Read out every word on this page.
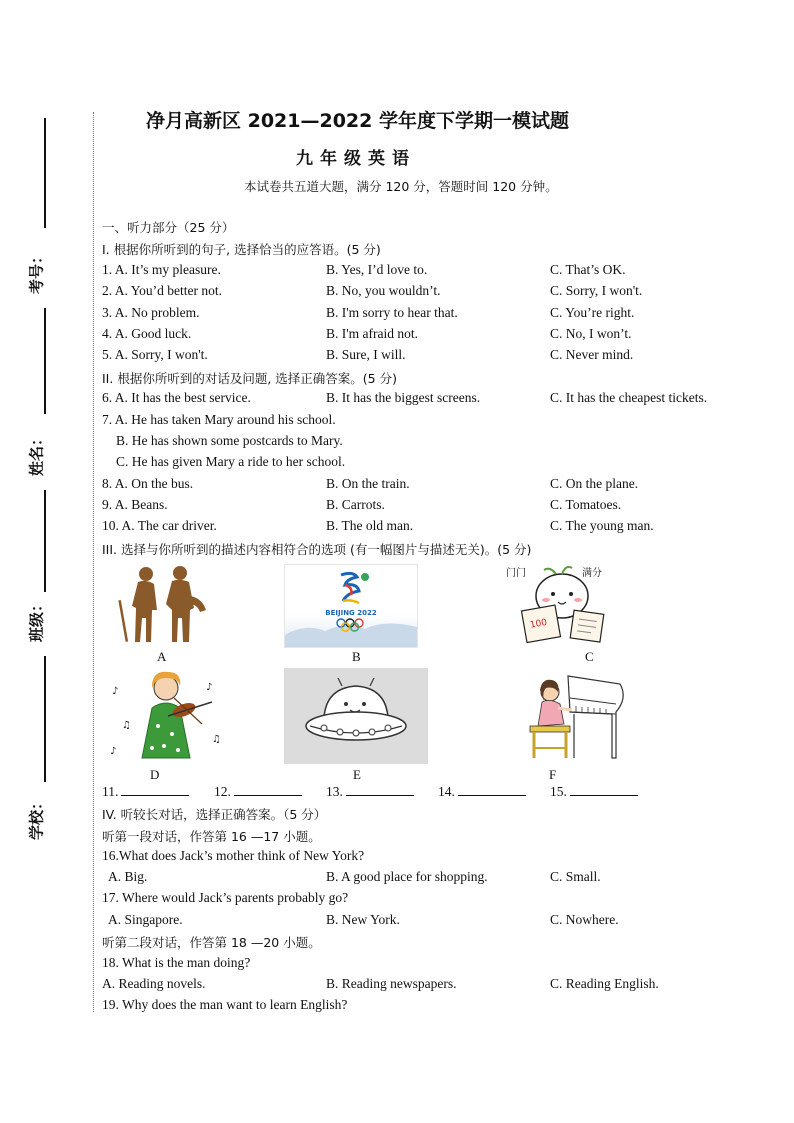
考号：
姓名：
班级：
学校：
净月高新区 2021—2022 学年度下学期一模试题
九年级英语
本试卷共五道大题，满分 120 分，答题时间 120 分钟。
一、听力部分（25 分）
I. 根据你所听到的句子, 选择恰当的应答语。(5 分)
1. A. It’s my pleasure.	B. Yes, I’d love to.	C. That’s OK.
2. A. You’d better not.	B. No, you wouldn’t.	C. Sorry, I won't.
3. A. No problem.	B. I'm sorry to hear that.	C. You’re right.
4. A. Good luck.	B. I'm afraid not.	C. No, I won’t.
5. A. Sorry, I won't.	B. Sure, I will.	C. Never mind.
II. 根据你所听到的对话及问题, 选择正确答案。(5 分)
6. A. It has the best service.	B. It has the biggest screens.	C. It has the cheapest tickets.
7. A. He has taken Mary around his school.
B. He has shown some postcards to Mary.
C. He has given Mary a ride to her school.
8. A. On the bus.	B. On the train.	C. On the plane.
9. A. Beans.	B. Carrots.	C. Tomatoes.
10. A. The car driver.	B. The old man.	C. The young man.
III. 选择与你所听到的描述内容相符合的选项 (有一幅图片与描述无关)。(5 分)
A
BEIJING 2022
B
门门	满分
100
C
♪
♫
♪
♫
♪
D	E	F
11.	12.	13.	14.	15.
IV. 听较长对话，选择正确答案。（5 分）
听第一段对话，作答第 16 —17 小题。
16.What does Jack’s mother think of New York?
A. Big.	B. A good place for shopping.	C. Small.
17. Where would Jack’s parents probably go?
A. Singapore.	B. New York.	C. Nowhere.
听第二段对话，作答第 18 —20 小题。
18. What is the man doing?
A. Reading novels.	B. Reading newspapers.	C. Reading English.
19. Why does the man want to learn English?
